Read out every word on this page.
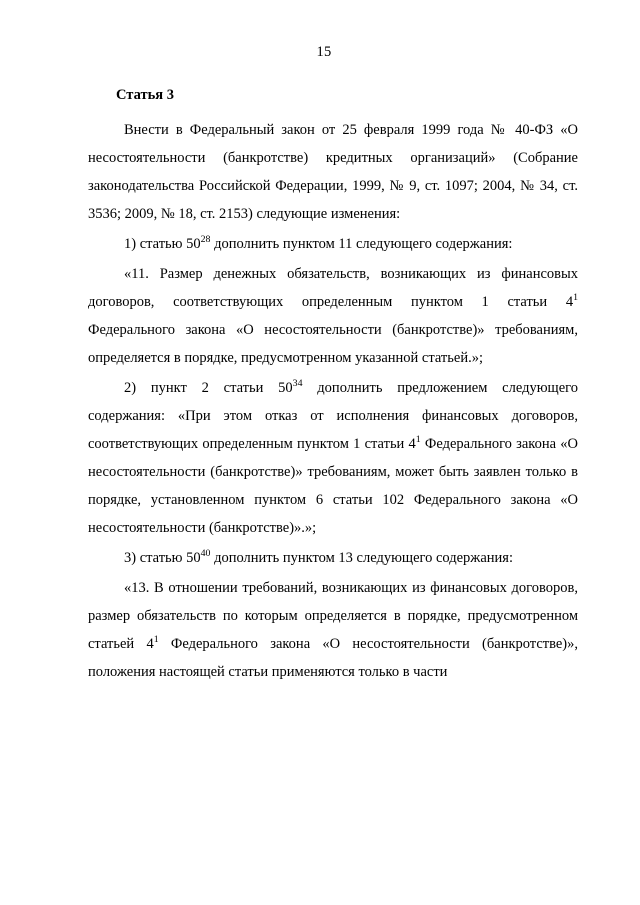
15
Статья 3

Внести в Федеральный закон от 25 февраля 1999 года № 40-ФЗ «О несостоятельности (банкротстве) кредитных организаций» (Собрание законодательства Российской Федерации, 1999, № 9, ст. 1097; 2004, № 34, ст. 3536; 2009, № 18, ст. 2153) следующие изменения:

1) статью $50^{28}$ дополнить пунктом 11 следующего содержания:

«11. Размер денежных обязательств, возникающих из финансовых договоров, соответствующих определенным пунктом 1 статьи $4^1$ Федерального закона «О несостоятельности (банкротстве)» требованиям, определяется в порядке, предусмотренном указанной статьей.»;

2) пункт 2 статьи $50^{34}$ дополнить предложением следующего содержания: «При этом отказ от исполнения финансовых договоров, соответствующих определенным пунктом 1 статьи $4^1$ Федерального закона «О несостоятельности (банкротстве)» требованиям, может быть заявлен только в порядке, установленном пунктом 6 статьи 102 Федерального закона «О несостоятельности (банкротстве)».»;

3) статью $50^{40}$ дополнить пунктом 13 следующего содержания:

«13. В отношении требований, возникающих из финансовых договоров, размер обязательств по которым определяется в порядке, предусмотренном статьей $4^1$ Федерального закона «О несостоятельности (банкротстве)», положения настоящей статьи применяются только в части
